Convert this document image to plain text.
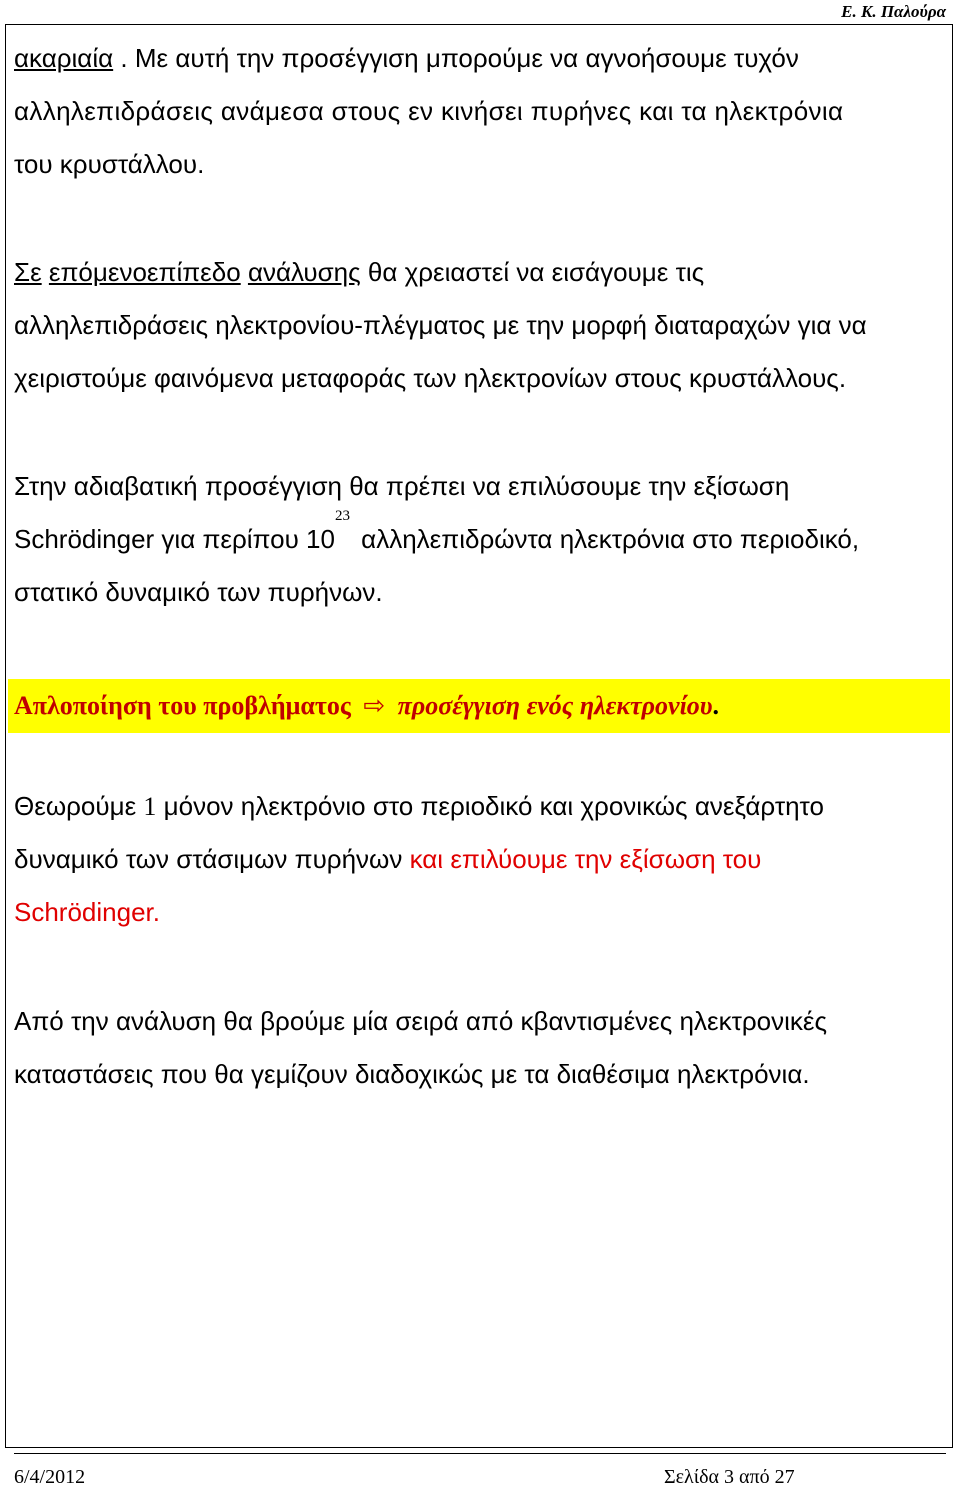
Ε. Κ. Παλούρα
ακαριαία . Με αυτή την προσέγγιση μπορούμε να αγνοήσουμε τυχόν
αλληλεπιδράσεις ανάμεσα στους εν κινήσει πυρήνες και τα ηλεκτρόνια
του κρυστάλλου.
Σε επόμενοεπίπεδο ανάλυσης θα χρειαστεί να εισάγουμε τις
αλληλεπιδράσεις ηλεκτρονίου-πλέγματος με την μορφή διαταραχών για να
χειριστούμε φαινόμενα μεταφοράς των ηλεκτρονίων στους κρυστάλλους.
Στην αδιαβατική προσέγγιση θα πρέπει να επιλύσουμε την εξίσωση
Schrödinger για περίπου $10^{23}$ αλληλεπιδρώντα ηλεκτρόνια στο περιοδικό,
στατικό δυναμικό των πυρήνων.
Απλοποίηση του προβλήματος ⇨ προσέγγιση ενός ηλεκτρονίου.
Θεωρούμε 1 μόνον ηλεκτρόνιο στο περιοδικό και χρονικώς ανεξάρτητο
δυναμικό των στάσιμων πυρήνων και επιλύουμε την εξίσωση του
Schrödinger.
Από την ανάλυση θα βρούμε μία σειρά από κβαντισμένες ηλεκτρονικές
καταστάσεις που θα γεμίζουν διαδοχικώς με τα διαθέσιμα ηλεκτρόνια.
6/4/2012	Σελίδα 3 από 27
